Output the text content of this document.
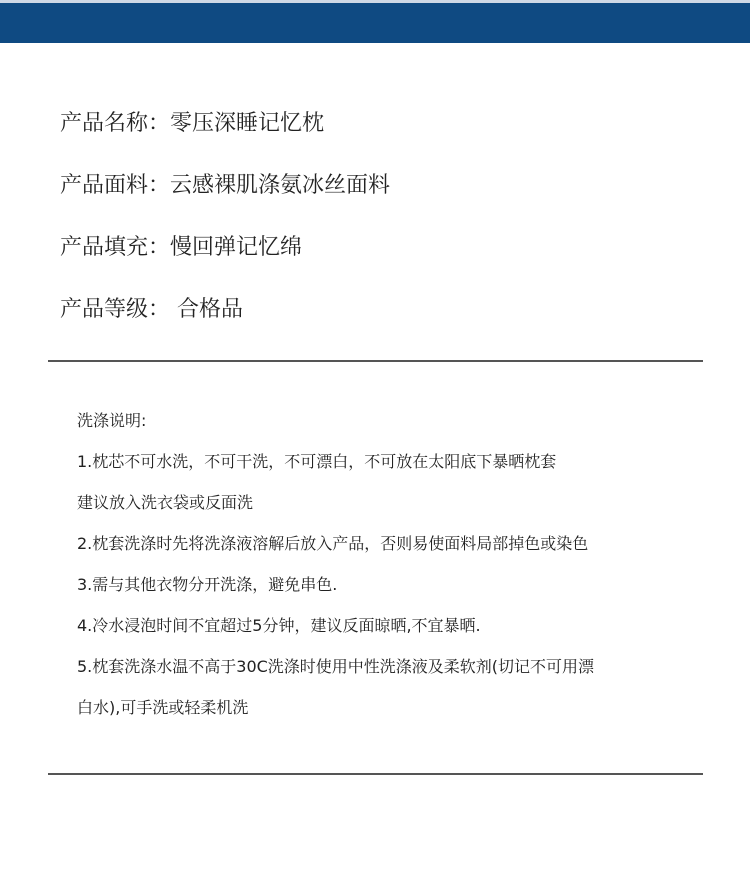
产品名称： 零压深睡记忆枕
产品面料： 云感裸肌涤氨冰丝面料
产品填充： 慢回弹记忆绵
产品等级： 合格品
洗涤说明:
1.枕芯不可水洗，不可干洗，不可漂白，不可放在太阳底下暴晒枕套
建议放入洗衣袋或反面洗
2.枕套洗涤时先将洗涤液溶解后放入产品，否则易使面料局部掉色或染色
3.需与其他衣物分开洗涤，避免串色.
4.冷水浸泡时间不宜超过5分钟，建议反面晾晒,不宜暴晒.
5.枕套洗涤水温不高于30C洗涤时使用中性洗涤液及柔软剂(切记不可用漂
白水),可手洗或轻柔机洗
